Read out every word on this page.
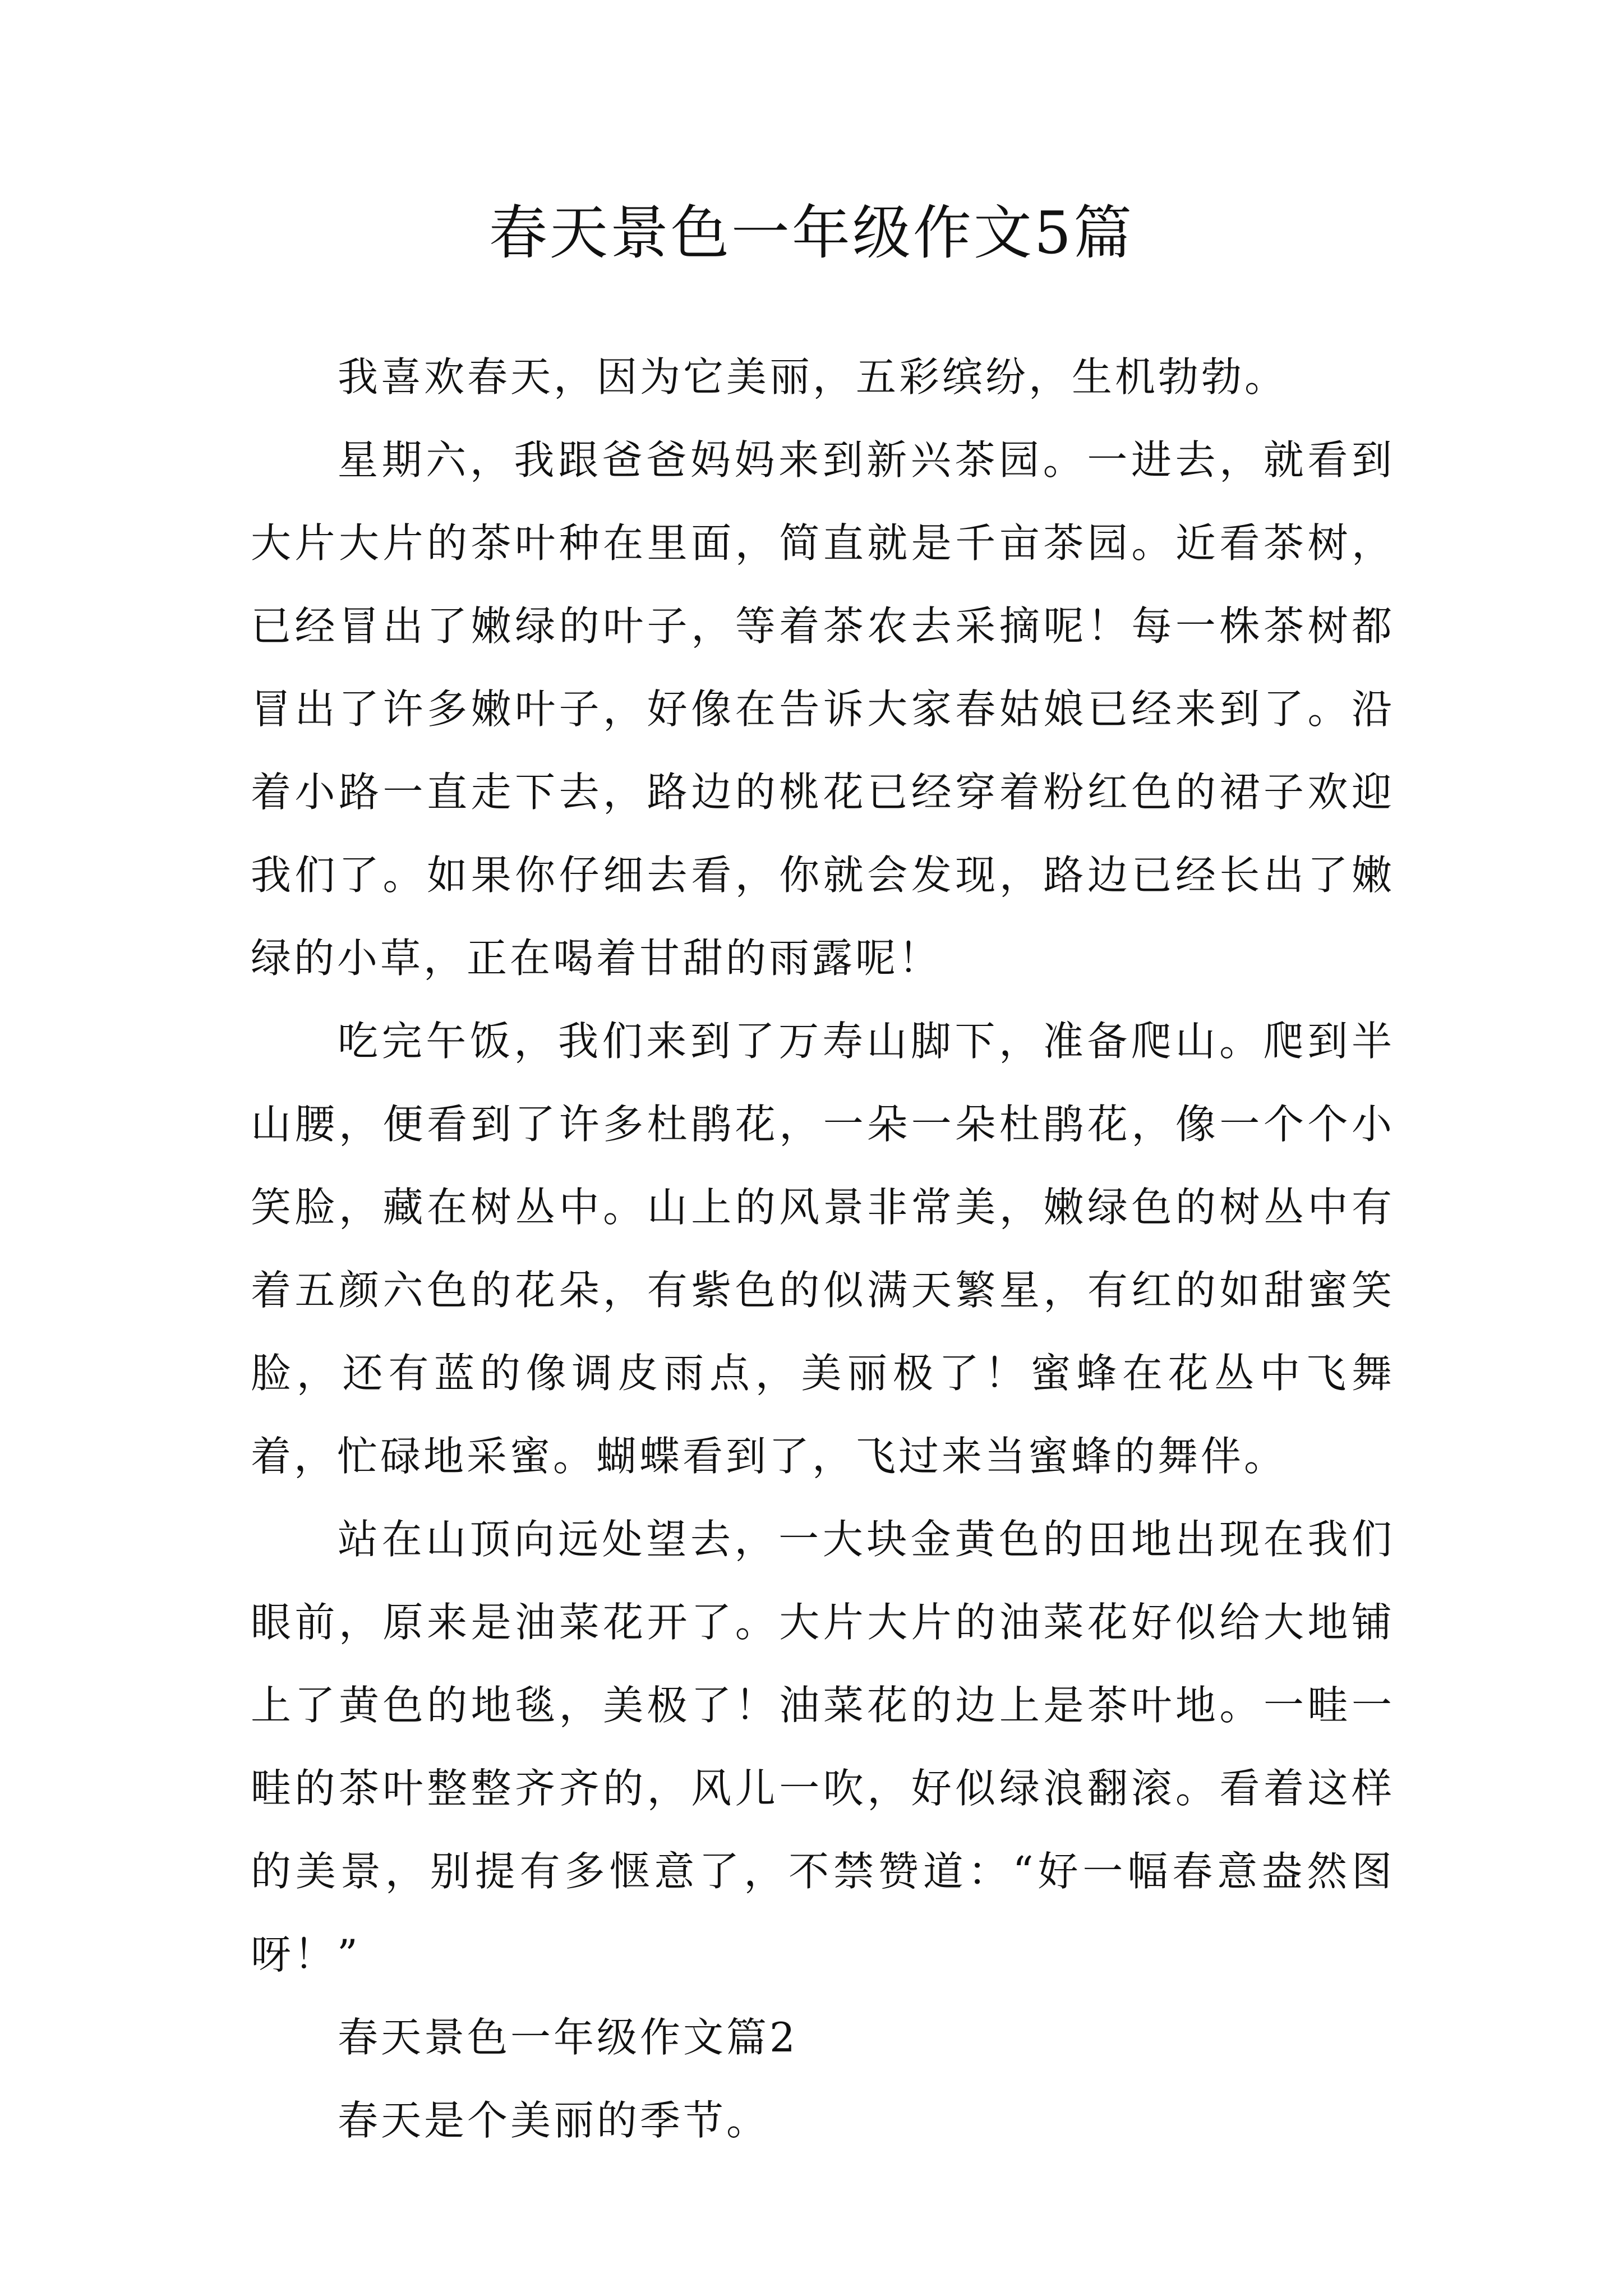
春天景色一年级作文5篇

我喜欢春天，因为它美丽，五彩缤纷，生机勃勃。

星期六，我跟爸爸妈妈来到新兴茶园。一进去，就看到大片大片的茶叶种在里面，简直就是千亩茶园。近看茶树，已经冒出了嫩绿的叶子，等着茶农去采摘呢！每一株茶树都冒出了许多嫩叶子，好像在告诉大家春姑娘已经来到了。沿着小路一直走下去，路边的桃花已经穿着粉红色的裙子欢迎我们了。如果你仔细去看，你就会发现，路边已经长出了嫩绿的小草，正在喝着甘甜的雨露呢！

吃完午饭，我们来到了万寿山脚下，准备爬山。爬到半山腰，便看到了许多杜鹃花，一朵一朵杜鹃花，像一个个小笑脸，藏在树丛中。山上的风景非常美，嫩绿色的树丛中有着五颜六色的花朵，有紫色的似满天繁星，有红的如甜蜜笑脸，还有蓝的像调皮雨点，美丽极了！蜜蜂在花丛中飞舞着，忙碌地采蜜。蝴蝶看到了，飞过来当蜜蜂的舞伴。

站在山顶向远处望去，一大块金黄色的田地出现在我们眼前，原来是油菜花开了。大片大片的油菜花好似给大地铺上了黄色的地毯，美极了！油菜花的边上是茶叶地。一畦一畦的茶叶整整齐齐的，风儿一吹，好似绿浪翻滚。看着这样的美景，别提有多惬意了，不禁赞道：“好一幅春意盎然图呀！”

春天景色一年级作文篇2

春天是个美丽的季节。
